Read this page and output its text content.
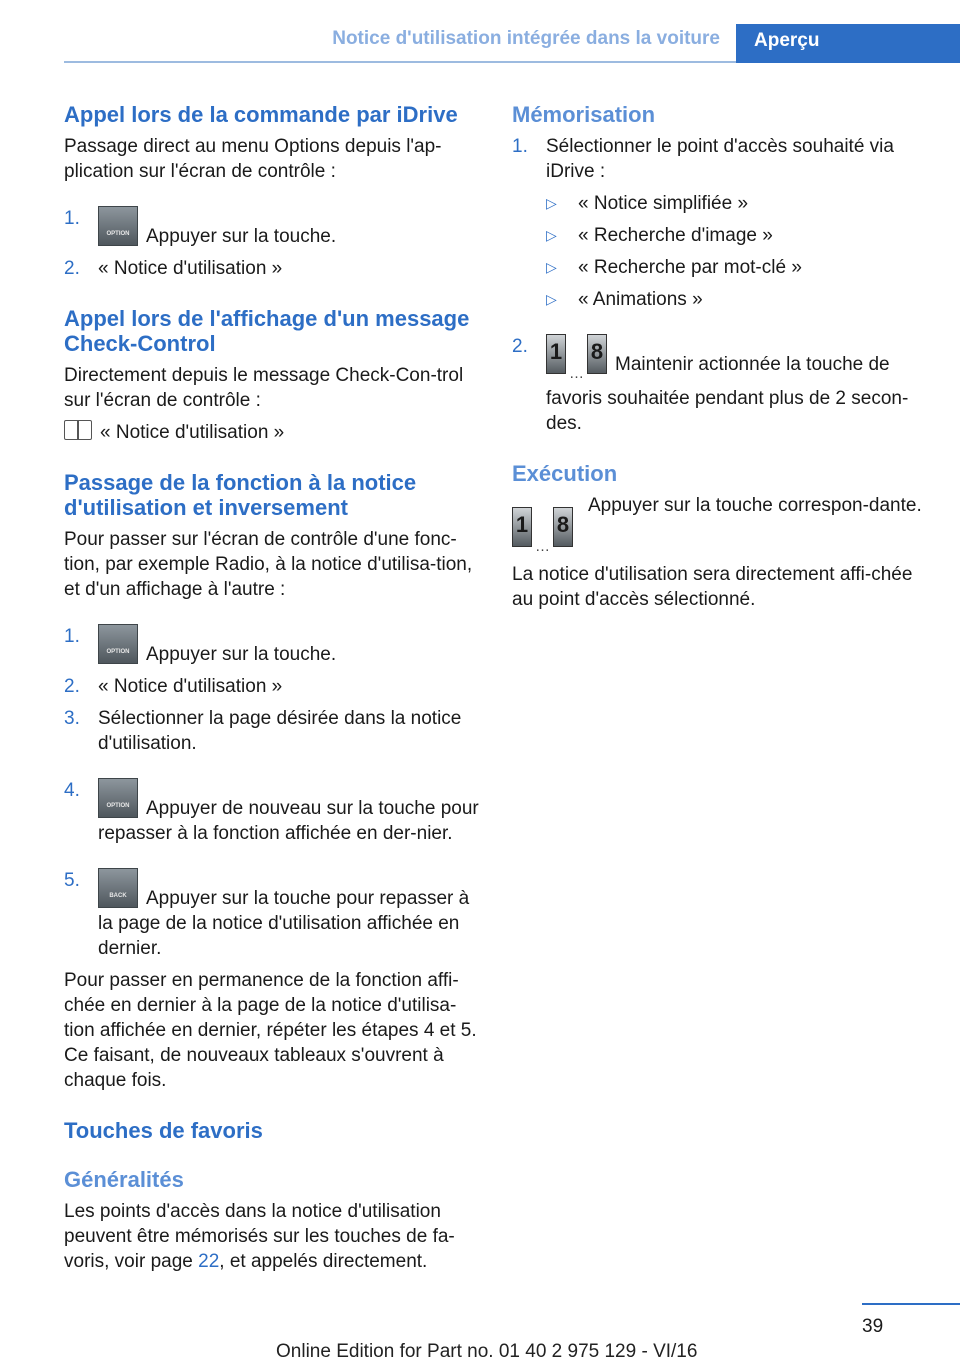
Notice d'utilisation intégrée dans la voiture Aperçu
Appel lors de la commande par iDrive

Passage direct au menu Options depuis l'ap-plication sur l'écran de contrôle :

1.
OPTION Appuyer sur la touche.
2. « Notice d'utilisation »
Appel lors de l'affichage d'un message Check-Control

Directement depuis le message Check-Con-trol sur l'écran de contrôle :

« Notice d'utilisation »
Passage de la fonction à la notice d'utilisation et inversement

Pour passer sur l'écran de contrôle d'une fonc-tion, par exemple Radio, à la notice d'utilisa-tion, et d'un affichage à l'autre :

1.
OPTION Appuyer sur la touche.
2. « Notice d'utilisation »
3. Sélectionner la page désirée dans la notice d'utilisation.
4.
OPTION Appuyer de nouveau sur la touche pour repasser à la fonction affichée en der-nier.
5.
BACK	Appuyer sur la touche pour repasser à la page de la notice d'utilisation affichée en dernier.

Pour passer en permanence de la fonction affi-chée en dernier à la page de la notice d'utilisa-tion affichée en dernier, répéter les étapes 4 et 5. Ce faisant, de nouveaux tableaux s'ouvrent à chaque fois.

Touches de favoris
Généralités

Les points d'accès dans la notice d'utilisation peuvent être mémorisés sur les touches de fa-voris, voir page 22, et appelés directement.

Mémorisation
1. Sélectionner le point d'accès souhaité via iDrive :
▷	« Notice simplifiée »
▷	« Recherche d'image »
▷	« Recherche par mot-clé »
▷	« Animations »
2.	1
…
8
Maintenir actionnée la touche de favoris souhaitée pendant plus de 2 secon-des.
Exécution
1
…
8

Appuyer sur la touche correspon-dante.

La notice d'utilisation sera directement affi-chée au point d'accès sélectionné.

39
Online Edition for Part no. 01 40 2 975 129 - VI/16
